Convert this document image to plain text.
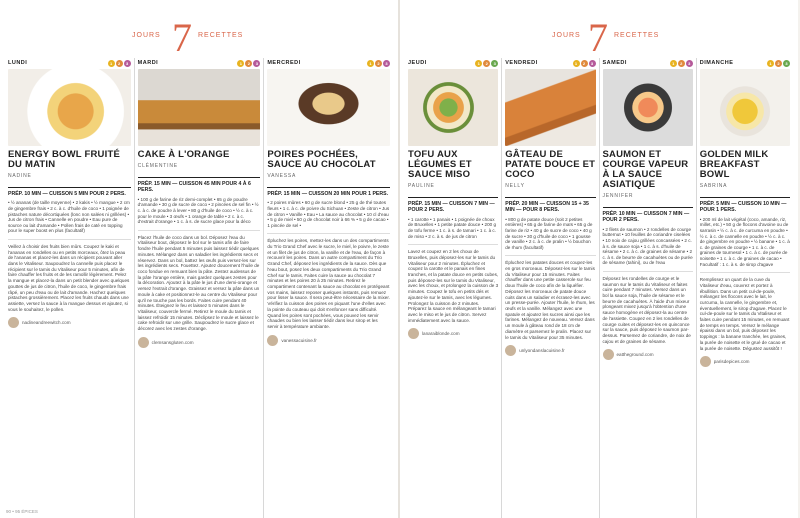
JOURS 7 RECETTES
LUNDI	1	2	3
ENERGY BOWL FRUITÉ DU MATIN
NADINE
PRÉP. 10 MIN — CUISSON 5 MIN POUR 2 PERS.
• ½ ananas (de taille moyenne) • 2 kakis • ½ mangue • 2 cm de gingembre frais • 2 c. à c. d'huile de coco • 1 poignée de pistaches nature décortiquées (lonc non salées ni grillées) • Jus de citron frais • Cannelle en poudre • Eau pure de source ou lait d'amande • Pollen frais de caté en topping pour le super boost en plus (facultatif)
Veillez à choisir des fruits bien mûrs. Coupez le kaki et l'ananas en rondelles ou en petits morceaux, ôtez la peau de l'ananas et placez-les dans un récipient pouvant aller dans le Vitaliseur. Saupoudrez la cannelle puis placez le récipient sur le tamis du Vitaliseur pour 5 minutes, afin de faire chauffer les fruits et de les ramollir légèrement. Pelez la mangue et placez-la dans un petit blender avec quelques gouttes de jus de citron, l'huile de coco, le gingembre frais râpé, un peu d'eau ou de lait d'amande. Hachez quelques pistaches grossièrement. Placez les fruits chauds dans une assiette, versez la sauce à la mangue dessus et ajoutez, si vous le souhaitez, le pollen.
nadineandreewitch.com
MARDI	1	2	3
CAKE À L'ORANGE
CLÉMENTINE
PRÉP. 15 MIN — CUISSON 45 MIN POUR 4 À 6 PERS.
• 100 g de farine de riz demi-complet • 65 g de poudre d'amande • 30 g de sucre de coco • 2 pincées de sel fin • ½ c. à c. de poudre à lever • 80 g d'huile de coco • ½ c. à c. pour le moule • 3 œufs • 1 orange de table • 2 c. à c. d'extrait d'orange • 1 c. à s. de sucre glace pour la déco
Placez l'huile de coco dans un bol. Déposez l'eau du Vitaliseur bout, déposez le bol sur le tamis afin de faire fondre l'huile pendant 5 minutes puis laissez tiédir quelques minutes. Mélangez dans un saladier les ingrédients secs et réservez. Dans un bol, battez les œufs puis versez-les sur les ingrédients secs. Fouettez. Ajoutez doucement l'huile de coco fondue en remuant bien la pâte. Zestez audessus de la pâte l'orange entière, mais gardez quelques zestes pour la décoration. Ajoutez à la pâte le jus d'une demi-orange et versez l'extrait d'orange. Graissez et versez la pâte dans un moule à cake et positionnez-le au centre du Vitaliseur pour qu'il ne touche pas les bords. Faites cuire pendant 40 minutes. Éteignez le feu et laissez 5 minutes dans le Vitaliseur, couvercle fermé. Retirez le moule du tamis et laissez refroidir 15 minutes. Déclipsez le moule et laissez le cake refroidir sur une grille. Saupoudrez le sucre glace et décorez avec les zestes d'orange.
clemsansgluten.com
MERCREDI	1	2	3
POIRES POCHÉES, SAUCE AU CHOCOLAT
VANESSA
PRÉP. 15 MIN — CUISSON 20 MIN POUR 1 PERS.
• 2 poires mûres • 60 g de sucre blond • 25 g de thé toutes fleurs • 1 c. à c. de poivre du Sichuan • Zeste de citron • Jus de citron • Vanille • Eau • La sauce au chocolat • 10 cl d'eau • 5 g de miel • 50 g de chocolat noir à 66 % • 5 g de cacao • 1 pincée de sel •
Épluchez les poires, mettez-les dans un des compartiments du Trio Grand Chef avec le sucre, le miel, le poivre, le zeste et un filet de jus de citron, la vanille et de l'eau, de façon à recouvrir les poires. Dans un autre compartiment du Trio Grand Chef, déposez les ingrédients de la sauce. Dès que l'eau bout, posez les deux compartiments du Trio Grand Chef sur le tamis. Faites cuire la sauce au chocolat 7 minutes et les poires 20 à 25 minutes. Retirez le compartiment contenant la sauce au chocolat en protégeant vos mains, laissez reposer quelques instants, puis remuez pour lisser la sauce. Il sera peut-être nécessaire de la mixer. Vérifiez la cuisson des poires en piquant l'une d'elles avec la pointe du couteau qui doit s'enfoncer sans difficulté. Quand les poires sont pochées, vous pouvez les servir chaudes ou bien les laisser tiédir dans leur sirop et les servir à température ambiante.
vanessacuisine.fr
90 • 95 ÉPICES
JOURS 7 RECETTES
JEUDI	1	2	3
TOFU AUX LÉGUMES ET SAUCE MISO
PAULINE
PRÉP. 15 MIN — CUISSON 7 MIN — POUR 2 PERS.
• 1 carotte • 1 panais • 1 poignée de choux de Bruxelles • 1 petite patate douce • 200 g de tofu ferme • 1 c. à s. de tamari • 1 c. à c. de miso • 2 c. à s. de jus de citron
Lavez et coupez en 2 les choux de Bruxelles, puis déposez-les sur le tamis du Vitaliseur pour 2 minutes. Épluchez et coupez la carotte et le panais en fines tranches, et la patate douce en petits cubes, puis déposez-les sur le tamis du Vitaliseur, avec les choux, et prolongez la cuisson de 3 minutes. Coupez le tofu en petits dés et ajoutez-le sur le tamis, avec les légumes. Prolongez la cuisson de 2 minutes. Préparez la sauce en mélangeant le tamari avec le miso et le jus de citron. Servez immédiatement avec la sauce.
lanaraiblonde.com
VENDREDI	1	2	3
GÂTEAU DE PATATE DOUCE ET COCO
NELLY
PRÉP. 20 MIN — CUISSON 15 + 35 MIN — POUR 8 PERS.
• 800 g de patate douce (soit 2 petites entières) • 65 g de farine de maïs • 65 g de farine de riz • 40 g de sucre de coco • 40 g de sucre • 30 g d'huile de coco • 1 gousse de vanille • 2 c. à c. de pralin • ½ bouchon de rhum (facultatif)
Épluchez les patates douces et coupez-les en gros morceaux. Déposez-les sur le tamis du Vitaliseur pour 15 minutes. Faites chauffer dans une petite casserole sur feu doux l'huile de coco afin de la liquéfier. Déposez les morceaux de patate douce cuits dans un saladier et écrasez-les avec un presse-purée. Ajouter l'huile, le rhum, les œufs et la vanille. Mélangez avec une spatule et ajoutez les sucres ainsi que les farines. Mélangez de nouveau. Versez dans un moule à gâteau rond de 18 cm de diamètre et parsemez le pralin. Placez sur le tamis du Vitaliseur pour 35 minutes.
unlyondanslacuisine.fr
SAMEDI	1	2	3
SAUMON ET COURGE VAPEUR À LA SAUCE ASIATIQUE
JENNIFER
PRÉP. 10 MIN — CUISSON 7 MIN — POUR 2 PERS.
• 2 filets de saumon • 2 rondelles de courge butternut • 10 feuilles de coriandre ciselées • 10 noix de cajou grillées concassées • 2 c. à s. de sauce soja • 1 c. à s. d'huile de sésame • 2 c. à c. de graines de sésame • 2 c. à s. de beurre de cacahuètes ou de purée de sésame (tahini), ou de l'eau
Déposez les rondelles de courge et le saumon sur le tamis du Vitaliseur et faites cuire pendant 7 minutes. Versez dans un bol la sauce soja, l'huile de sésame et le beurre de cacahuètes. À l'aide d'un mixeur plongeant mixez jusqu'à l'obtention d'une sauce homogène et déposez-la au centre de l'assiette. Coupez en 2 les rondelles de courge cuites et déposez-les en quinconce sur la sauce, puis déposez le saumon par-dessus. Parsemez de coriandre, de noix de cajou et de graines de sésame.
eattheground.com
DIMANCHE	1	2	3
GOLDEN MILK BREAKFAST BOWL
SABRINA
PRÉP. 5 MIN — CUISSON 10 MIN — POUR 1 PERS.
• 200 ml de lait végétal (coco, amande, riz, millet, etc.) • 50 g de flocons d'avoine ou de sarrasin • ½ c. à c. de curcuma en poudre • ½ c. à c. de cannelle en poudre • ½ c. à c. de gingembre en poudre • ½ banane • 1 c. à c. de graines de courge • 1 c. à c. de graines de tournesol • 1 c. à c. de purée de noisette • 1 c. à c. de graines de cacao • Facultatif : 1 c. à s. de sirop d'agave
Remplissez un quart de la cuve du Vitaliseur d'eau, couvrez et portez à ébullition. Dans un petit cul-de-poule, mélangez les flocons avec le lait, le curcuma, la cannelle, le gingembre et, éventuellement, le sirop d'agave. Placez le cul-de-poule sur le tamis du Vitaliseur et faites cuire pendant 15 minutes, en remuant de temps en temps. Versez le mélange épaissi dans un bol, puis déposez les toppings : la banane tranchée, les graines, la purée de noisette et le grué de cacao et la purée de noisette. Dégustez aussitôt !
parisdepices.com
